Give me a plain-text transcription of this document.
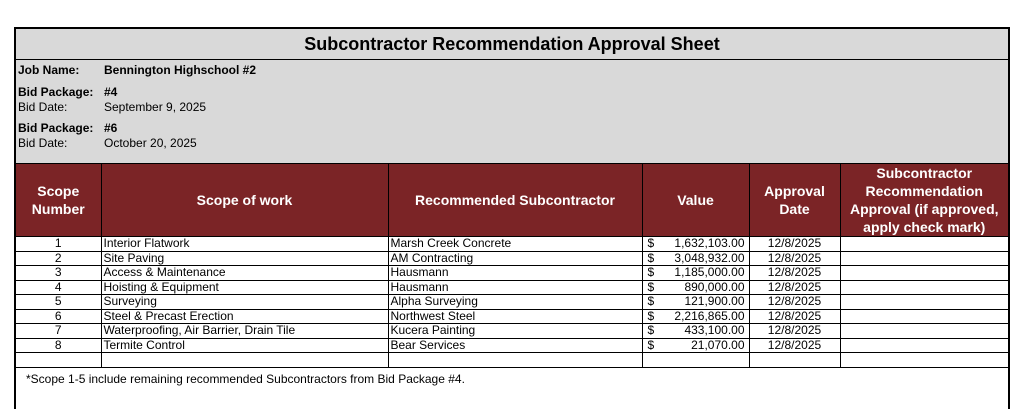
Subcontractor Recommendation Approval Sheet
Job Name:	Bennington Highschool #2
Bid Package: #4
Bid Date:	September 9, 2025
Bid Package: #6
Bid Date:	October 20, 2025
Scope Number	Scope of work	Recommended Subcontractor	Value	Approval Date	Subcontractor Recommendation Approval (if approved, apply check mark)
1	Interior Flatwork	Marsh Creek Concrete	$ 1,632,103.00	12/8/2025	
2	Site Paving	AM Contracting	$ 3,048,932.00	12/8/2025	
3	Access & Maintenance	Hausmann	$ 1,185,000.00	12/8/2025	
4	Hoisting & Equipment	Hausmann	$ 890,000.00	12/8/2025	
5	Surveying	Alpha Surveying	$ 121,900.00	12/8/2025	
6	Steel & Precast Erection	Northwest Steel	$ 2,216,865.00	12/8/2025	
7	Waterproofing, Air Barrier, Drain Tile	Kucera Painting	$ 433,100.00	12/8/2025	
8	Termite Control	Bear Services	$ 21,070.00	12/8/2025	

*Scope 1-5 include remaining recommended Subcontractors from Bid Package #4.
